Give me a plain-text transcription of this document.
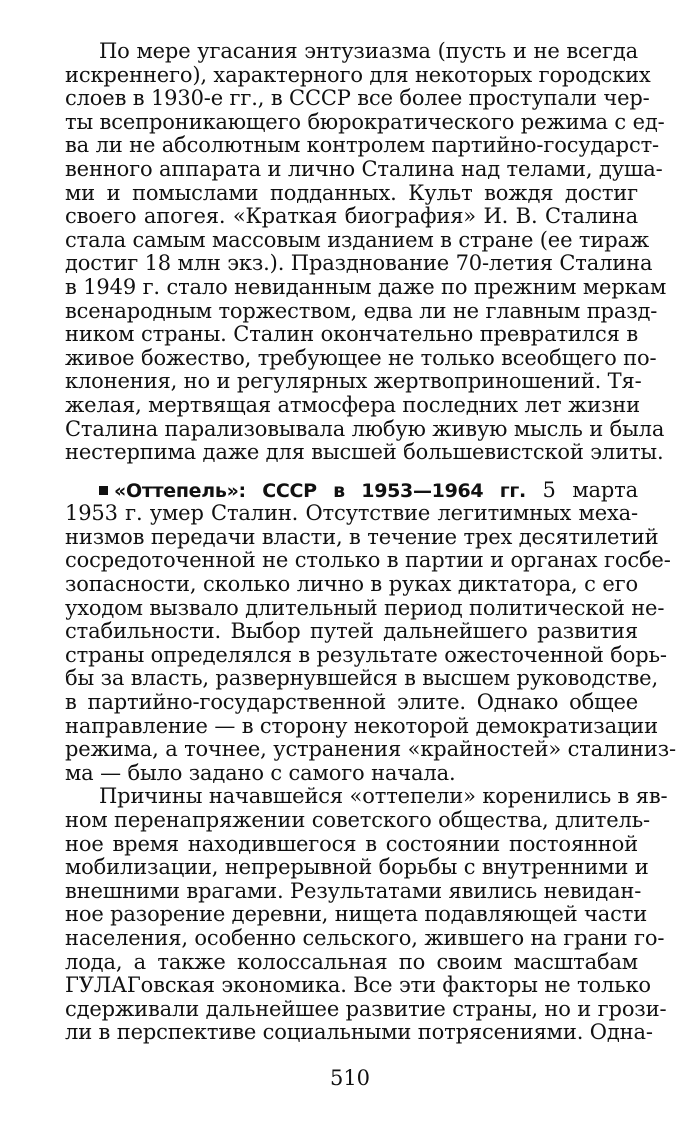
По мере угасания энтузиазма (пусть и не всегда
искреннего), характерного для некоторых городских
слоев в 1930-е гг., в СССР все более проступали чер-
ты всепроникающего бюрократического режима с ед-
ва ли не абсолютным контролем партийно-государст-
венного аппарата и лично Сталина над телами, душа-
ми и помыслами подданных. Культ вождя достиг
своего апогея. «Краткая биография» И. В. Сталина
стала самым массовым изданием в стране (ее тираж
достиг 18 млн экз.). Празднование 70-летия Сталина
в 1949 г. стало невиданным даже по прежним меркам
всенародным торжеством, едва ли не главным празд-
ником страны. Сталин окончательно превратился в
живое божество, требующее не только всеобщего по-
клонения, но и регулярных жертвоприношений. Тя-
желая, мертвящая атмосфера последних лет жизни
Сталина парализовывала любую живую мысль и была
нестерпима даже для высшей большевистской элиты.
«Оттепель»: СССР в 1953—1964 гг. 5 марта
1953 г. умер Сталин. Отсутствие легитимных меха-
низмов передачи власти, в течение трех десятилетий
сосредоточенной не столько в партии и органах госбе-
зопасности, сколько лично в руках диктатора, с его
уходом вызвало длительный период политической не-
стабильности. Выбор путей дальнейшего развития
страны определялся в результате ожесточенной борь-
бы за власть, развернувшейся в высшем руководстве,
в партийно-государственной элите. Однако общее
направление — в сторону некоторой демократизации
режима, а точнее, устранения «крайностей» сталиниз-
ма — было задано с самого начала.
Причины начавшейся «оттепели» коренились в яв-
ном перенапряжении советского общества, длитель-
ное время находившегося в состоянии постоянной
мобилизации, непрерывной борьбы с внутренними и
внешними врагами. Результатами явились невидан-
ное разорение деревни, нищета подавляющей части
населения, особенно сельского, жившего на грани го-
лода, а также колоссальная по своим масштабам
ГУЛАГовская экономика. Все эти факторы не только
сдерживали дальнейшее развитие страны, но и грози-
ли в перспективе социальными потрясениями. Одна-
510
